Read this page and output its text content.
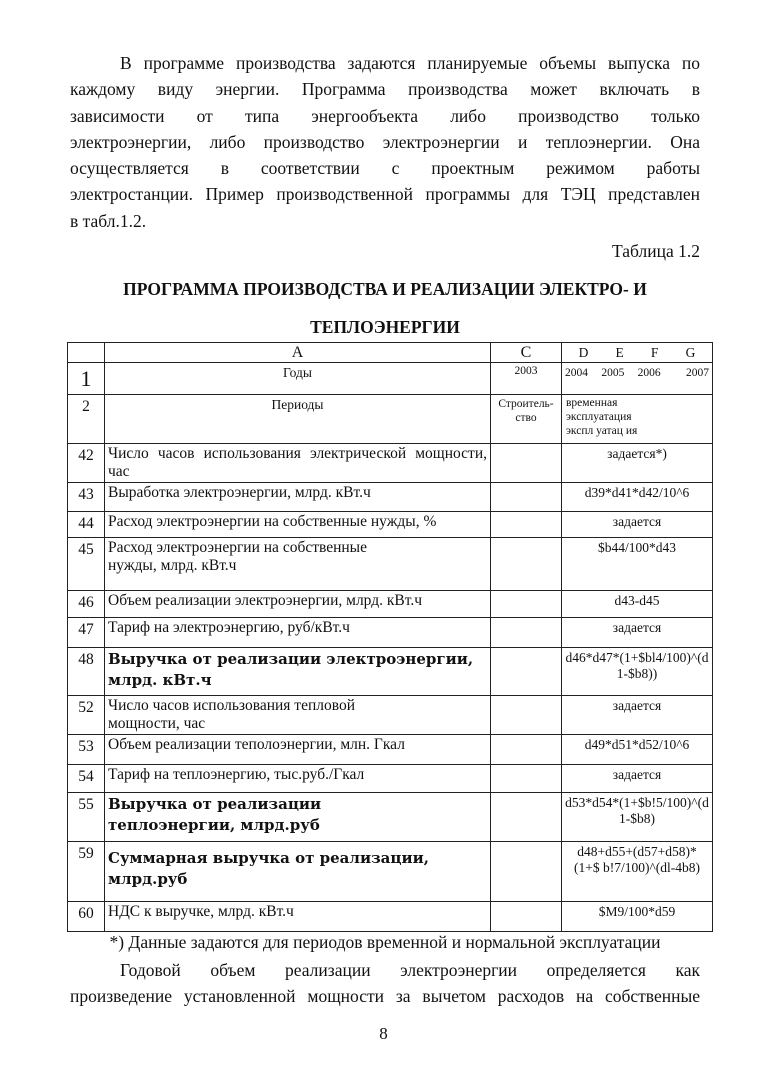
В программе производства задаются планируемые объемы выпуска по
каждому виду энергии. Программа производства может включать в
зависимости от типа энергообъекта либо производство только
электроэнергии, либо производство электроэнергии и теплоэнергии. Она
осуществляется в соответствии с проектным режимом работы
электростанции. Пример производственной программы для ТЭЦ представлен
в табл.1.2.
Таблица 1.2
ПРОГРАММА ПРОИЗВОДСТВА И РЕАЛИЗАЦИИ ЭЛЕКТРО- И
ТЕПЛОЭНЕРГИИ
	A	C	D E F G

1	Годы	2003	2004 2005 2006 2007

2	Периоды	Строитель-ство	временная
эксплуатация
экспл уатац ия

42	Число часов использования электрической мощности, час		задается*)
43	Выработка электроэнергии, млрд. кВт.ч		d39*d41*d42/10^6
44	Расход электроэнергии на собственные нужды, %		задается
45	Расход электроэнергии на собственные нужды, млрд. кВт.ч		$b44/100*d43
46	Объем реализации электроэнергии, млрд. кВт.ч		d43-d45
47	Тариф на электроэнергию, руб/кВт.ч		задается
48	Выручка от реализации электроэнергии, млрд. кВт.ч		d46*d47*(1+$bl4/100)^(d 1-$b8))
52	Число часов использования тепловой мощности, час		задается
53	Объем реализации теполоэнергии, млн. Гкал		d49*d51*d52/10^6
54	Тариф на теплоэнергию, тыс.руб./Гкал		задается
55	Выручка от реализации теплоэнергии, млрд.руб		d53*d54*(1+$b!5/100)^(d 1-$b8)
59	Суммарная выручка от реализации, млрд.руб		d48+d55+(d57+d58)*(1+$ b!7/100)^(dl-4b8)
60	НДС к выручке, млрд. кВт.ч		$M9/100*d59
*) Данные задаются для периодов временной и нормальной эксплуатации
Годовой объем реализации электроэнергии определяется как
произведение установленной мощности за вычетом расходов на собственные
8
